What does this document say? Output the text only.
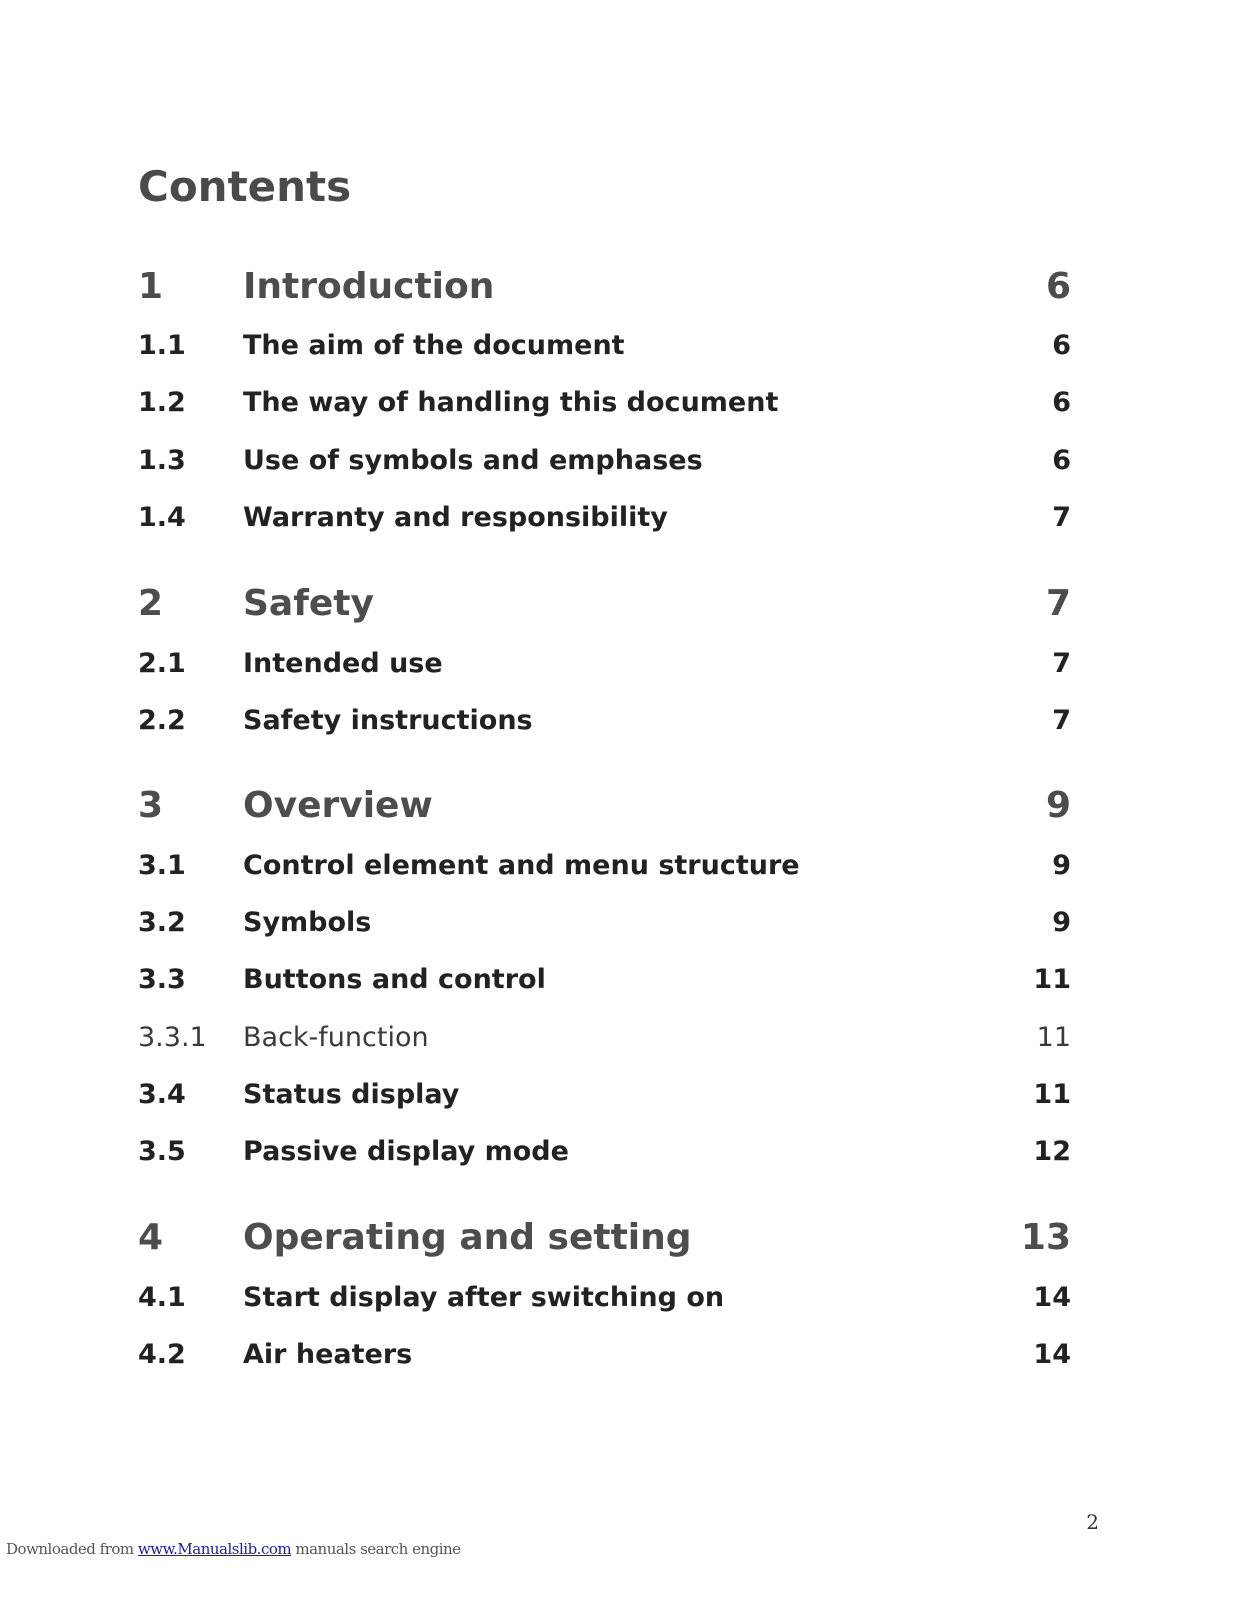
Contents
1 Introduction	6
1.1 The aim of the document	6
1.2 The way of handling this document	6
1.3 Use of symbols and emphases	6
1.4 Warranty and responsibility	7
2 Safety	7
2.1 Intended use	7
2.2 Safety instructions	7
3 Overview	9
3.1 Control element and menu structure	9
3.2 Symbols	9
3.3 Buttons and control	11
3.3.1 Back-function	11
3.4 Status display	11
3.5 Passive display mode	12
4 Operating and setting	13
4.1 Start display after switching on	14
4.2 Air heaters	14
2
Downloaded from www.Manualslib.com manuals search engine
